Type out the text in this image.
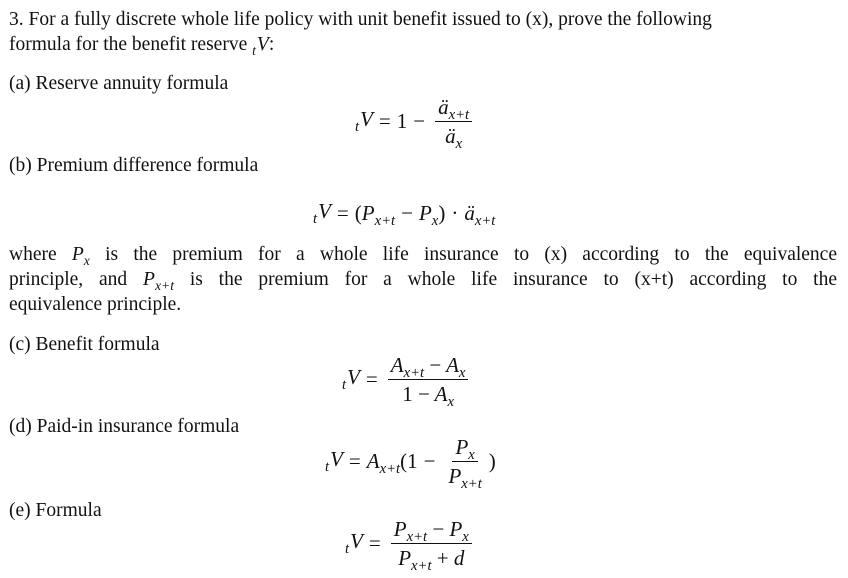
3. For a fully discrete whole life policy with unit benefit issued to (x), prove the following
formula for the benefit reserve $_t$V:
(a) Reserve annuity formula
$_tV = 1 - \frac{ä_{x+t}}{ä_x}$
(b) Premium difference formula
$_t$V = ( $P_{x+t} - P_x$ ) · $ä_{x+t}$
where $P_x$ is the premium for a whole life insurance to (x) according to the equivalence
principle, and $P_{x+t}$ is the premium for a whole life insurance to (x+t) according to the
equivalence principle.
(c) Benefit formula
$_tV = \frac{A_{x+t} - A_x}{1 - A_x}$
(d) Paid-in insurance formula
$_tV = A_{x+t}$ ($1 - \frac{P_x}{P_{x+t}}$ )
(e) Formula
$_tV = \frac{P_{x+t} - P_x}{P_{x+t} + d}$
